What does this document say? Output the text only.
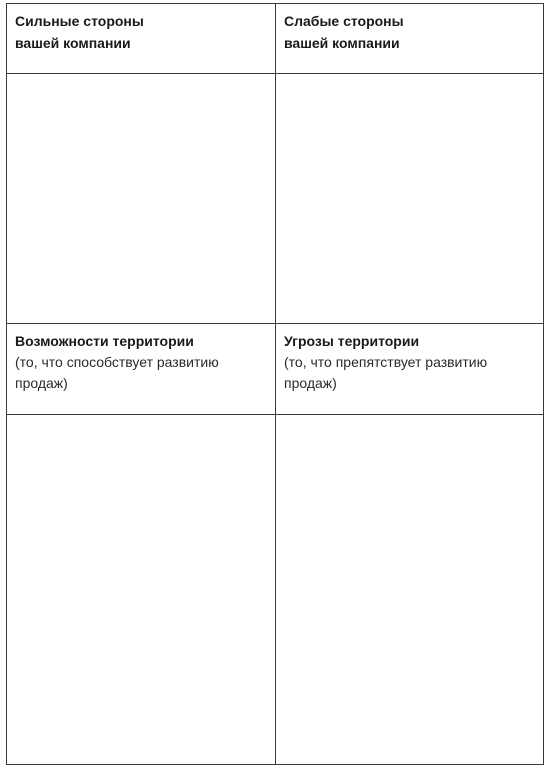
Сильные стороны
вашей компании
Слабые стороны
вашей компании
Возможности территории
(то, что способствует развитию
продаж)
Угрозы территории
(то, что препятствует развитию
продаж)
